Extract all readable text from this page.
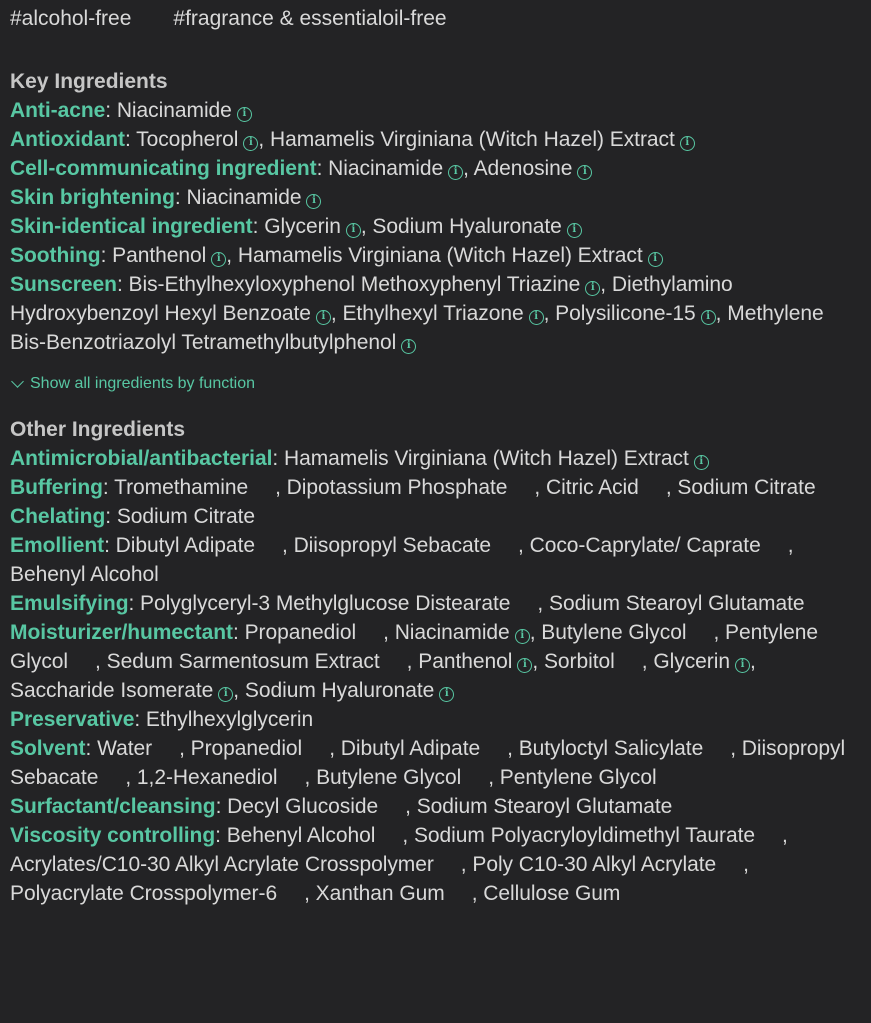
#alcohol-free #fragrance & essentialoil-free
Key Ingredients
Anti-acne: Niacinamide i
Antioxidant: Tocopherol i , Hamamelis Virginiana (Witch Hazel) Extract i
Cell-communicating ingredient: Niacinamide i , Adenosine i
Skin brightening: Niacinamide i
Skin-identical ingredient: Glycerin i , Sodium Hyaluronate i
Soothing: Panthenol i , Hamamelis Virginiana (Witch Hazel) Extract i
Sunscreen: Bis-Ethylhexyloxyphenol Methoxyphenyl Triazine i , Diethylamino Hydroxybenzoyl Hexyl Benzoate i , Ethylhexyl Triazone i , Polysilicone-15 i , Methylene Bis-Benzotriazolyl Tetramethylbutylphenol i
Show all ingredients by function
Other Ingredients
Antimicrobial/antibacterial: Hamamelis Virginiana (Witch Hazel) Extract i
Buffering: Tromethamine , Dipotassium Phosphate , Citric Acid , Sodium Citrate
Chelating: Sodium Citrate
Emollient: Dibutyl Adipate , Diisopropyl Sebacate , Coco-Caprylate/ Caprate , Behenyl Alcohol
Emulsifying: Polyglyceryl-3 Methylglucose Distearate , Sodium Stearoyl Glutamate
Moisturizer/humectant: Propanediol , Niacinamide i , Butylene Glycol , Pentylene Glycol , Sedum Sarmentosum Extract , Panthenol i , Sorbitol , Glycerin i , Saccharide Isomerate i , Sodium Hyaluronate i
Preservative: Ethylhexylglycerin
Solvent: Water , Propanediol , Dibutyl Adipate , Butyloctyl Salicylate , Diisopropyl Sebacate , 1,2-Hexanediol , Butylene Glycol , Pentylene Glycol
Surfactant/cleansing: Decyl Glucoside , Sodium Stearoyl Glutamate
Viscosity controlling: Behenyl Alcohol , Sodium Polyacryloyldimethyl Taurate , Acrylates/C10-30 Alkyl Acrylate Crosspolymer , Poly C10-30 Alkyl Acrylate , Polyacrylate Crosspolymer-6 , Xanthan Gum , Cellulose Gum
